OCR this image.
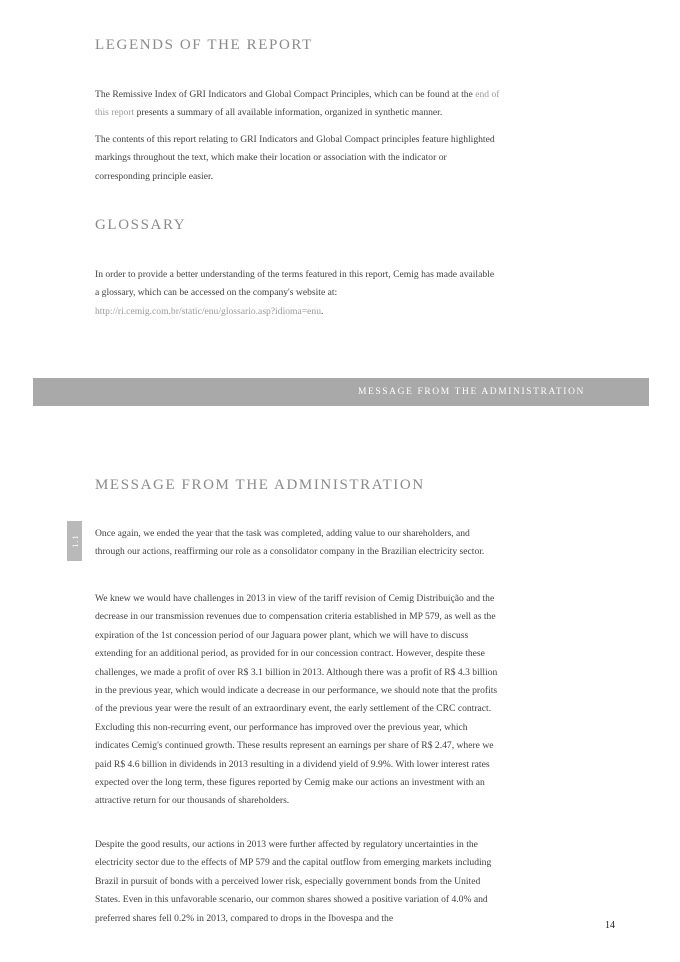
LEGENDS OF THE REPORT

The Remissive Index of GRI Indicators and Global Compact Principles, which can be found at the end of this report presents a summary of all available information, organized in synthetic manner.

The contents of this report relating to GRI Indicators and Global Compact principles feature highlighted markings throughout the text, which make their location or association with the indicator or corresponding principle easier.

GLOSSARY

In order to provide a better understanding of the terms featured in this report, Cemig has made available a glossary, which can be accessed on the company's website at: http://ri.cemig.com.br/static/enu/glossario.asp?idioma=enu.

MESSAGE FROM THE ADMINISTRATION
MESSAGE FROM THE ADMINISTRATION
1.1

Once again, we ended the year that the task was completed, adding value to our shareholders, and through our actions, reaffirming our role as a consolidator company in the Brazilian electricity sector.

We knew we would have challenges in 2013 in view of the tariff revision of Cemig Distribuição and the decrease in our transmission revenues due to compensation criteria established in MP 579, as well as the expiration of the 1st concession period of our Jaguara power plant, which we will have to discuss extending for an additional period, as provided for in our concession contract. However, despite these challenges, we made a profit of over R$ 3.1 billion in 2013. Although there was a profit of R$ 4.3 billion in the previous year, which would indicate a decrease in our performance, we should note that the profits of the previous year were the result of an extraordinary event, the early settlement of the CRC contract. Excluding this non-recurring event, our performance has improved over the previous year, which indicates Cemig's continued growth. These results represent an earnings per share of R$ 2.47, where we paid R$ 4.6 billion in dividends in 2013 resulting in a dividend yield of 9.9%. With lower interest rates expected over the long term, these figures reported by Cemig make our actions an investment with an attractive return for our thousands of shareholders.

Despite the good results, our actions in 2013 were further affected by regulatory uncertainties in the electricity sector due to the effects of MP 579 and the capital outflow from emerging markets including Brazil in pursuit of bonds with a perceived lower risk, especially government bonds from the United States. Even in this unfavorable scenario, our common shares showed a positive variation of 4.0% and preferred shares fell 0.2% in 2013, compared to drops in the Ibovespa and the

14
